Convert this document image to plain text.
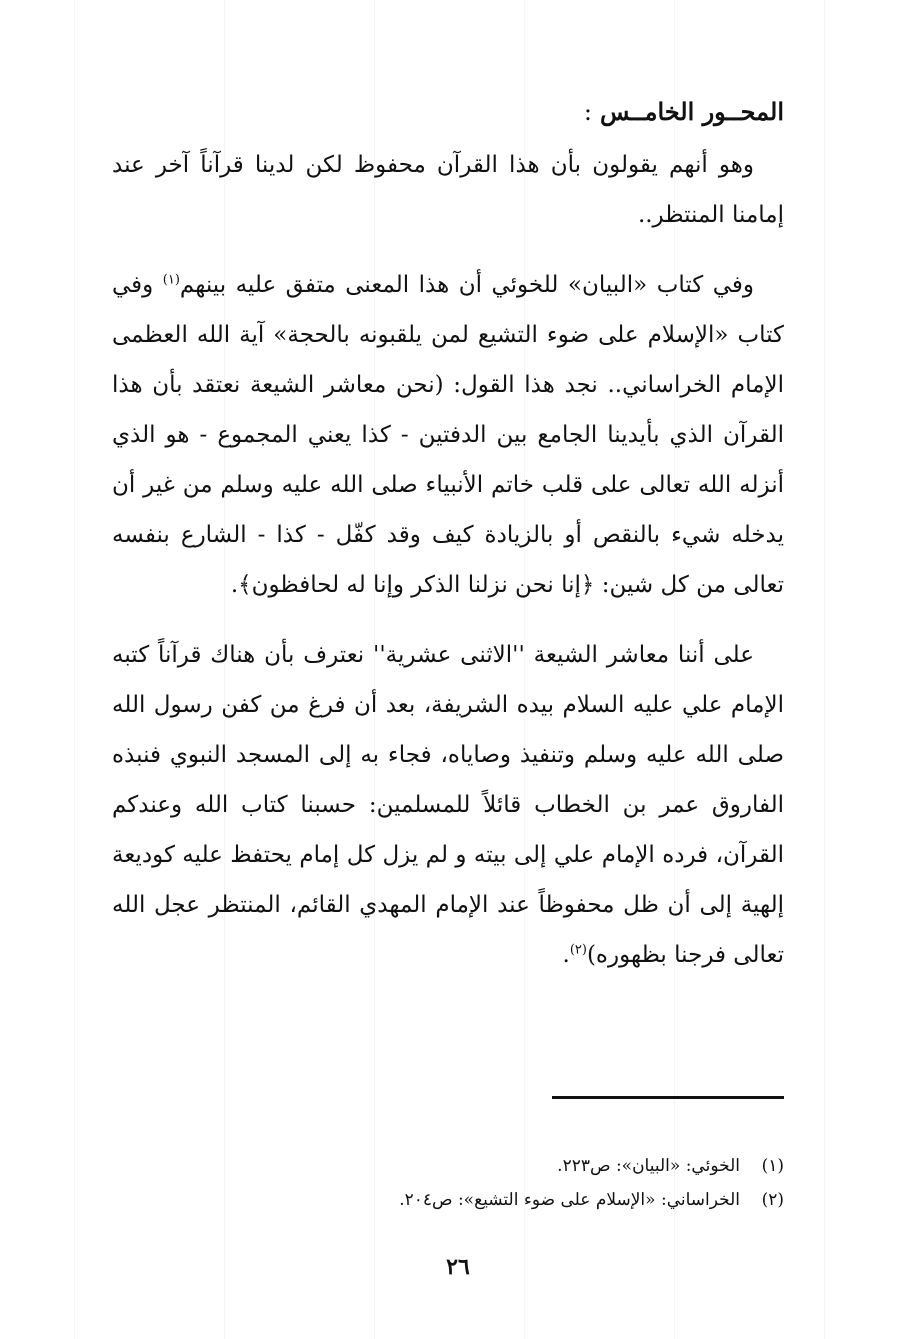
المحــور الخامــس:

وهو أنهم يقولون بأن هذا القرآن محفوظ لكن لدينا قرآناً آخر عند إمامنا المنتظر..

وفي كتاب «البيان» للخوئي أن هذا المعنى متفق عليه بينهم$^{(١)}$ وفي كتاب «الإسلام على ضوء التشيع لمن يلقبونه بالحجة» آية الله العظمى الإمام الخراساني.. نجد هذا القول: (نحن معاشر الشيعة نعتقد بأن هذا القرآن الذي بأيدينا الجامع بين الدفتين - كذا يعني المجموع - هو الذي أنزله الله تعالى على قلب خاتم الأنبياء صلى الله عليه وسلم من غير أن يدخله شيء بالنقص أو بالزيادة كيف وقد كفّل - كذا - الشارع بنفسه تعالى من كل شين: ﴿إنا نحن نزلنا الذكر وإنا له لحافظون﴾.

على أننا معاشر الشيعة ''الاثنى عشرية'' نعترف بأن هناك قرآناً كتبه الإمام علي عليه السلام بيده الشريفة، بعد أن فرغ من كفن رسول الله صلى الله عليه وسلم وتنفيذ وصاياه، فجاء به إلى المسجد النبوي فنبذه الفاروق عمر بن الخطاب قائلاً للمسلمين: حسبنا كتاب الله وعندكم القرآن، فرده الإمام علي إلى بيته و لم يزل كل إمام يحتفظ عليه كوديعة إلهية إلى أن ظل محفوظاً عند الإمام المهدي القائم، المنتظر عجل الله تعالى فرجنا بظهوره)$^{(٢)}$.

(١)الخوئي: «البيان»: ص٢٢٣.

(٢)الخراساني: «الإسلام على ضوء التشيع»: ص٢٠٤.

٢٦
